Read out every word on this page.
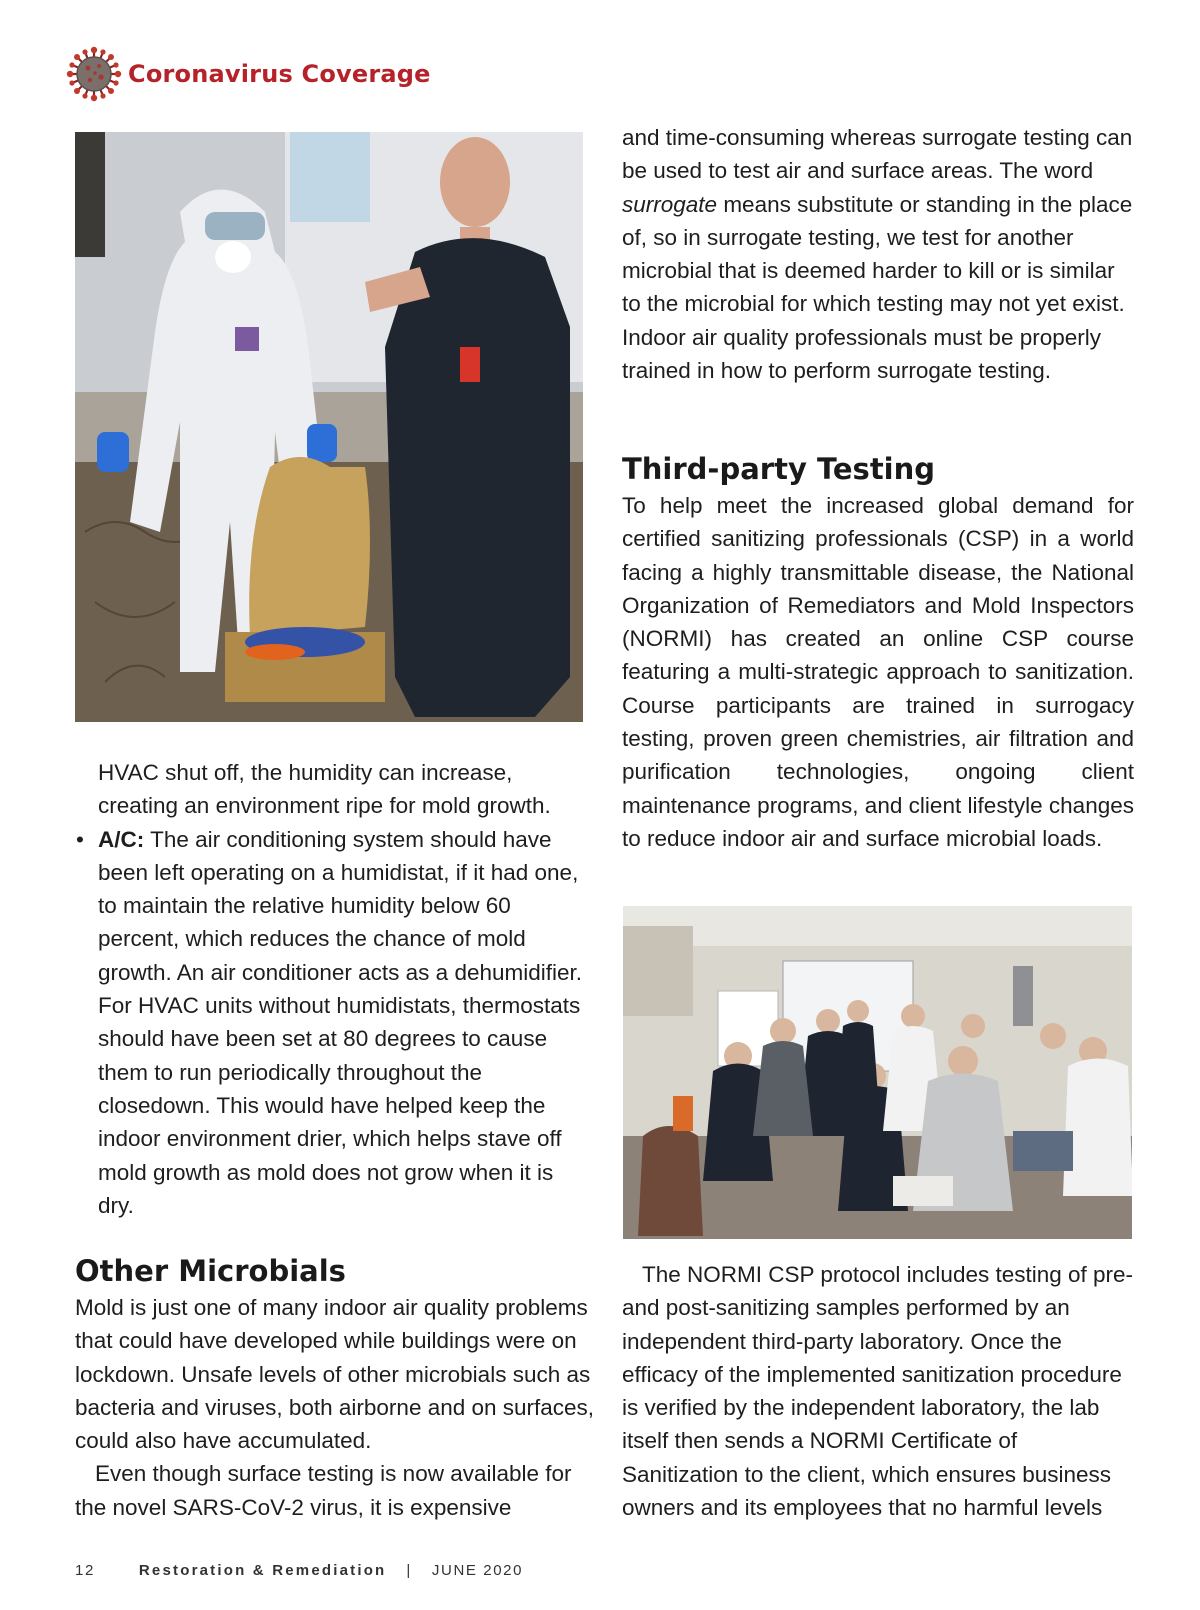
Coronavirus Coverage

HVAC shut off, the humidity can increase, creating an environment ripe for mold growth.

• A/C: The air conditioning system should have been left operating on a humidistat, if it had one, to maintain the relative humidity below 60 percent, which reduces the chance of mold growth. An air conditioner acts as a dehumidifier. For HVAC units without humidistats, thermostats should have been set at 80 degrees to cause them to run periodically throughout the closedown. This would have helped keep the indoor environment drier, which helps stave off mold growth as mold does not grow when it is dry.

Other Microbials

Mold is just one of many indoor air quality problems that could have developed while buildings were on lockdown. Unsafe levels of other microbials such as bacteria and viruses, both airborne and on surfaces, could also have accumulated.

Even though surface testing is now available for the novel SARS-CoV-2 virus, it is expensive

and time-consuming whereas surrogate testing can be used to test air and surface areas. The word surrogate means substitute or standing in the place of, so in surrogate testing, we test for another microbial that is deemed harder to kill or is similar to the microbial for which testing may not yet exist. Indoor air quality professionals must be properly trained in how to perform surrogate testing.

Third-party Testing

To help meet the increased global demand for certified sanitizing professionals (CSP) in a world facing a highly transmittable disease, the National Organization of Remediators and Mold Inspectors (NORMI) has created an online CSP course featuring a multi-strategic approach to sanitization. Course participants are trained in surrogacy testing, proven green chemistries, air filtration and purification technologies, ongoing client maintenance programs, and client lifestyle changes to reduce indoor air and surface microbial loads.

The NORMI CSP protocol includes testing of pre- and post-sanitizing samples performed by an independent third-party laboratory. Once the efficacy of the implemented sanitization procedure is verified by the independent laboratory, the lab itself then sends a NORMI Certificate of Sanitization to the client, which ensures business owners and its employees that no harmful levels

12	Restoration & Remediation | JUNE 2020
